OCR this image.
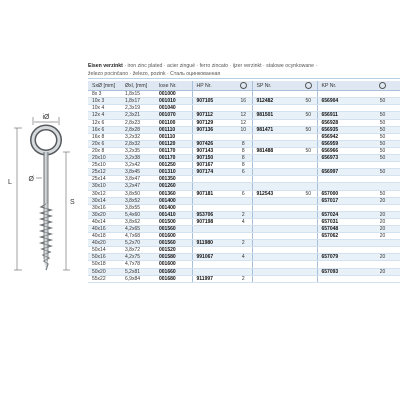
iØ
Ø
L
S
Eisen verzinkt · iron zinc plated · acier zingué · ferro zincato · ijzer verzinkt · stalowe ocynkowane ·
železo pocinčano · železo, pozink · Сталь оцинкованная
SxØ [mm]	Øxl, [mm]	lose Nr.	HP Nr.		SP Nr.		KP Nr.	
8x 3	1,8x15	001000						
10x 3	1,8x17	001010	907105	16	912482	50	656904	50
10x 4	2,3x19	001040						
12x 4	2,3x21	001070	907112	12	981501	50	656911	50
12x 6	2,8x23	001100	907129	12			656928	50
16x 6	2,8x28	001110	907136	10	981471	50	656935	50
16x 8	3,2x32	001110					656942	50
20x 6	2,8x32	001120	907426	8			656959	50
20x 8	3,2x35	001170	907143	8	981488	50	656966	50
20x10	3,2x38	001170	907150	8			656973	50
25x10	3,2x42	001250	907167	8				
25x12	3,8x45	001310	907174	6			656997	50
25x14	3,8x47	001350						
30x10	3,2x47	001260						
30x12	3,8x50	001360	907181	6	912543	50	657000	50
30x14	3,8x52	001400					657017	20
30x16	3,8x55	001400						
30x20	5,4x60	001410	953706	2			657024	20
40x14	3,8x62	001500	907198	4			657031	20
40x16	4,2x65	001560					657048	20
40x18	4,7x68	001600					657062	20
40x20	5,2x70	001560	911980	2				
50x14	3,8x72	001520						
50x16	4,2x75	001580	991067	4			657079	20
50x18	4,7x78	001600						
50x20	5,2x81	001660					657093	20
55x22	6,9x84	001680	911997	2				
